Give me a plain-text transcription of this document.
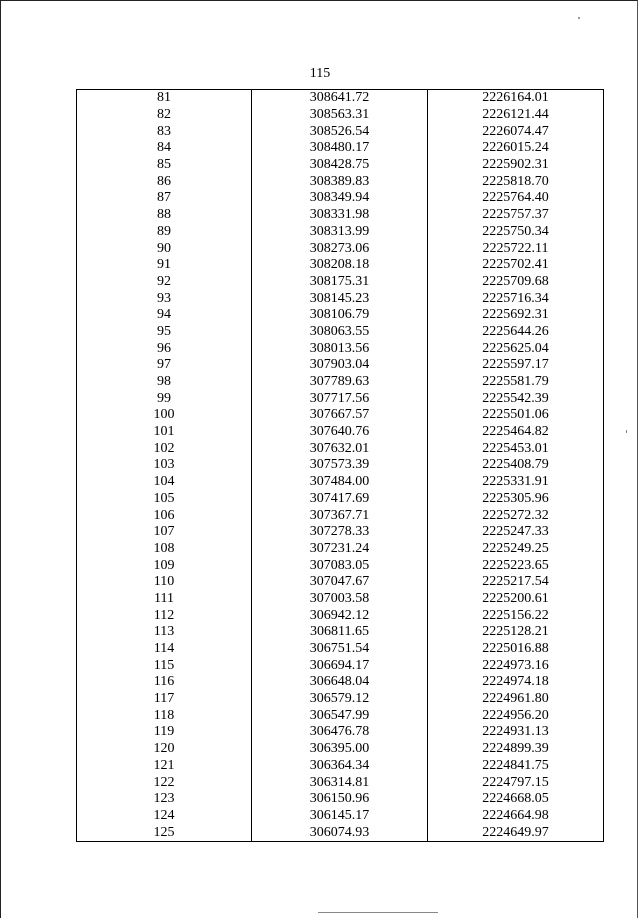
115
81	308641.72	2226164.01
82	308563.31	2226121.44
83	308526.54	2226074.47
84	308480.17	2226015.24
85	308428.75	2225902.31
86	308389.83	2225818.70
87	308349.94	2225764.40
88	308331.98	2225757.37
89	308313.99	2225750.34
90	308273.06	2225722.11
91	308208.18	2225702.41
92	308175.31	2225709.68
93	308145.23	2225716.34
94	308106.79	2225692.31
95	308063.55	2225644.26
96	308013.56	2225625.04
97	307903.04	2225597.17
98	307789.63	2225581.79
99	307717.56	2225542.39
100	307667.57	2225501.06
101	307640.76	2225464.82
102	307632.01	2225453.01
103	307573.39	2225408.79
104	307484.00	2225331.91
105	307417.69	2225305.96
106	307367.71	2225272.32
107	307278.33	2225247.33
108	307231.24	2225249.25
109	307083.05	2225223.65
110	307047.67	2225217.54
111	307003.58	2225200.61
112	306942.12	2225156.22
113	306811.65	2225128.21
114	306751.54	2225016.88
115	306694.17	2224973.16
116	306648.04	2224974.18
117	306579.12	2224961.80
118	306547.99	2224956.20
119	306476.78	2224931.13
120	306395.00	2224899.39
121	306364.34	2224841.75
122	306314.81	2224797.15
123	306150.96	2224668.05
124	306145.17	2224664.98
125	306074.93	2224649.97
